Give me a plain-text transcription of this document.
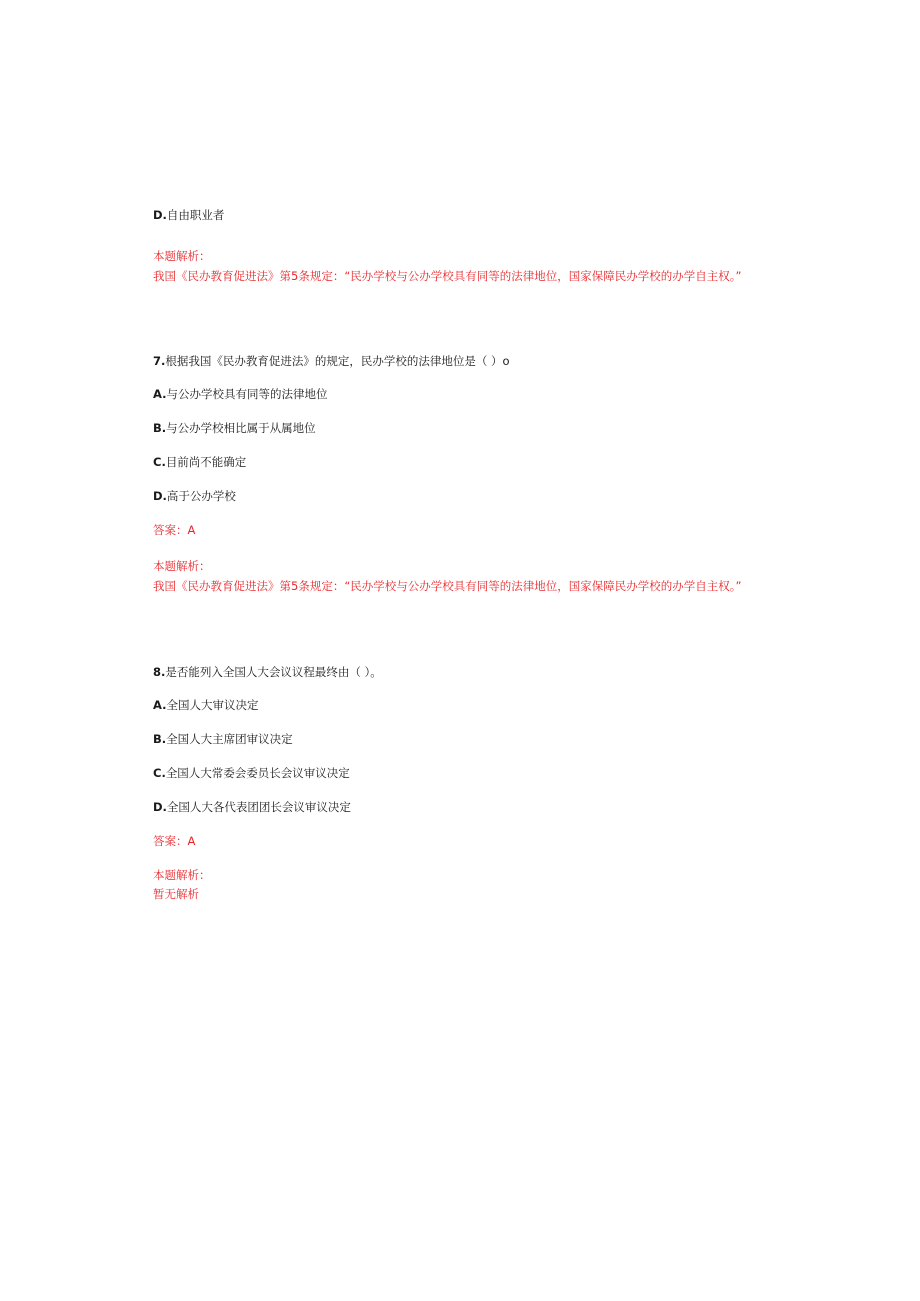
D.自由职业者
本题解析：
我国《民办教育促进法》第5条规定：“民办学校与公办学校具有同等的法律地位，国家保障民办学校的办学自主权。”
7.根据我国《民办教育促进法》的规定，民办学校的法律地位是（ ）o
A.与公办学校具有同等的法律地位
B.与公办学校相比属于从属地位
C.目前尚不能确定
D.高于公办学校
答案：A
本题解析：
我国《民办教育促进法》第5条规定：“民办学校与公办学校具有同等的法律地位，国家保障民办学校的办学自主权。”
8.是否能列入全国人大会议议程最终由（ ）。
A.全国人大审议决定
B.全国人大主席团审议决定
C.全国人大常委会委员长会议审议决定
D.全国人大各代表团团长会议审议决定
答案：A
本题解析：
暂无解析
